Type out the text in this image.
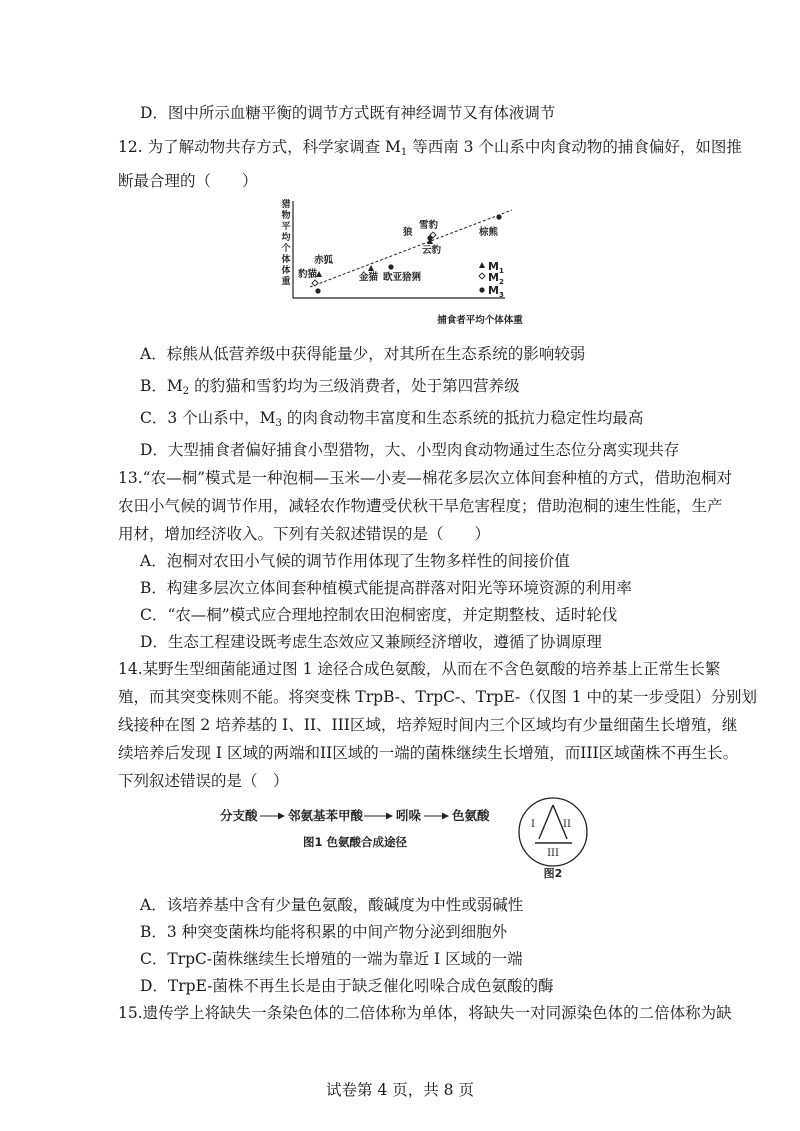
D．图中所示血糖平衡的调节方式既有神经调节又有体液调节
12. 为了解动物共存方式，科学家调查 $M_1$ 等西南 3 个山系中肉食动物的捕食偏好，如图推
断最合理的（　　）
猎
物
平
均
个
体
体
重
捕食者平均个体体重
赤狐
豹猫	金猫 欧亚猞猁
狼
雪豹
云豹
棕熊
$M_1$
$M_2$
$M_3$
A．棕熊从低营养级中获得能量少，对其所在生态系统的影响较弱
B．$M_2$ 的豹猫和雪豹均为三级消费者，处于第四营养级
C．3 个山系中，$M_3$ 的肉食动物丰富度和生态系统的抵抗力稳定性均最高
D．大型捕食者偏好捕食小型猎物，大、小型肉食动物通过生态位分离实现共存
13.“农—桐”模式是一种泡桐—玉米—小麦—棉花多层次立体间套种植的方式，借助泡桐对
农田小气候的调节作用，减轻农作物遭受伏秋干旱危害程度；借助泡桐的速生性能，生产
用材，增加经济收入。下列有关叙述错误的是（　　）
A．泡桐对农田小气候的调节作用体现了生物多样性的间接价值
B．构建多层次立体间套种植模式能提高群落对阳光等环境资源的利用率
C．“农—桐”模式应合理地控制农田泡桐密度，并定期整枝、适时轮伐
D．生态工程建设既考虑生态效应又兼顾经济增收，遵循了协调原理
14.某野生型细菌能通过图 1 途径合成色氨酸，从而在不含色氨酸的培养基上正常生长繁
殖，而其突变株则不能。将突变株 TrpB-、TrpC-、TrpE-（仅图 1 中的某一步受阻）分别划
线接种在图 2 培养基的 I、II、III区域，培养短时间内三个区域均有少量细菌生长增殖，继
续培养后发现 I 区域的两端和II区域的一端的菌株继续生长增殖，而III区域菌株不再生长。
下列叙述错误的是（　）
分支酸 邻氨基苯甲酸	吲哚 色氨酸
图1 色氨酸合成途径
I	II
III
图2
A．该培养基中含有少量色氨酸，酸碱度为中性或弱碱性
B．3 种突变菌株均能将积累的中间产物分泌到细胞外
C．TrpC-菌株继续生长增殖的一端为靠近 I 区域的一端
D．TrpE-菌株不再生长是由于缺乏催化吲哚合成色氨酸的酶
15.遗传学上将缺失一条染色体的二倍体称为单体，将缺失一对同源染色体的二倍体称为缺
试卷第 4 页，共 8 页
